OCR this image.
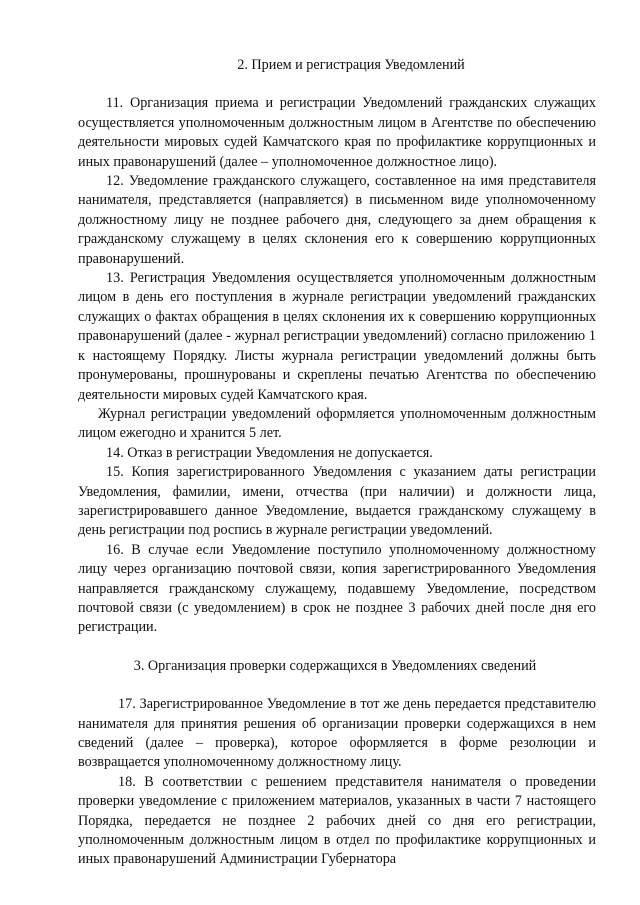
2. Прием и регистрация Уведомлений

11. Организация приема и регистрации Уведомлений гражданских служащих осуществляется уполномоченным должностным лицом в Агентстве по обеспечению деятельности мировых судей Камчатского края по профилактике коррупционных и иных правонарушений (далее – уполномоченное должностное лицо).

12. Уведомление гражданского служащего, составленное на имя представителя нанимателя, представляется (направляется) в письменном виде уполномоченному должностному лицу не позднее рабочего дня, следующего за днем обращения к гражданскому служащему в целях склонения его к совершению коррупционных правонарушений.

13. Регистрация Уведомления осуществляется уполномоченным должностным лицом в день его поступления в журнале регистрации уведомлений гражданских служащих о фактах обращения в целях склонения их к совершению коррупционных правонарушений (далее - журнал регистрации уведомлений) согласно приложению 1 к настоящему Порядку. Листы журнала регистрации уведомлений должны быть пронумерованы, прошнурованы и скреплены печатью Агентства по обеспечению деятельности мировых судей Камчатского края.

Журнал регистрации уведомлений оформляется уполномоченным должностным лицом ежегодно и хранится 5 лет.

14. Отказ в регистрации Уведомления не допускается.

15. Копия зарегистрированного Уведомления с указанием даты регистрации Уведомления, фамилии, имени, отчества (при наличии) и должности лица, зарегистрировавшего данное Уведомление, выдается гражданскому служащему в день регистрации под роспись в журнале регистрации уведомлений.

16. В случае если Уведомление поступило уполномоченному должностному лицу через организацию почтовой связи, копия зарегистрированного Уведомления направляется гражданскому служащему, подавшему Уведомление, посредством почтовой связи (с уведомлением) в срок не позднее 3 рабочих дней после дня его регистрации.

3. Организация проверки содержащихся в Уведомлениях сведений

17. Зарегистрированное Уведомление в тот же день передается представителю нанимателя для принятия решения об организации проверки содержащихся в нем сведений (далее – проверка), которое оформляется в форме резолюции и возвращается уполномоченному должностному лицу.

18. В соответствии с решением представителя нанимателя о проведении проверки уведомление с приложением материалов, указанных в части 7 настоящего Порядка, передается не позднее 2 рабочих дней со дня его регистрации, уполномоченным должностным лицом в отдел по профилактике коррупционных и иных правонарушений Администрации Губернатора
